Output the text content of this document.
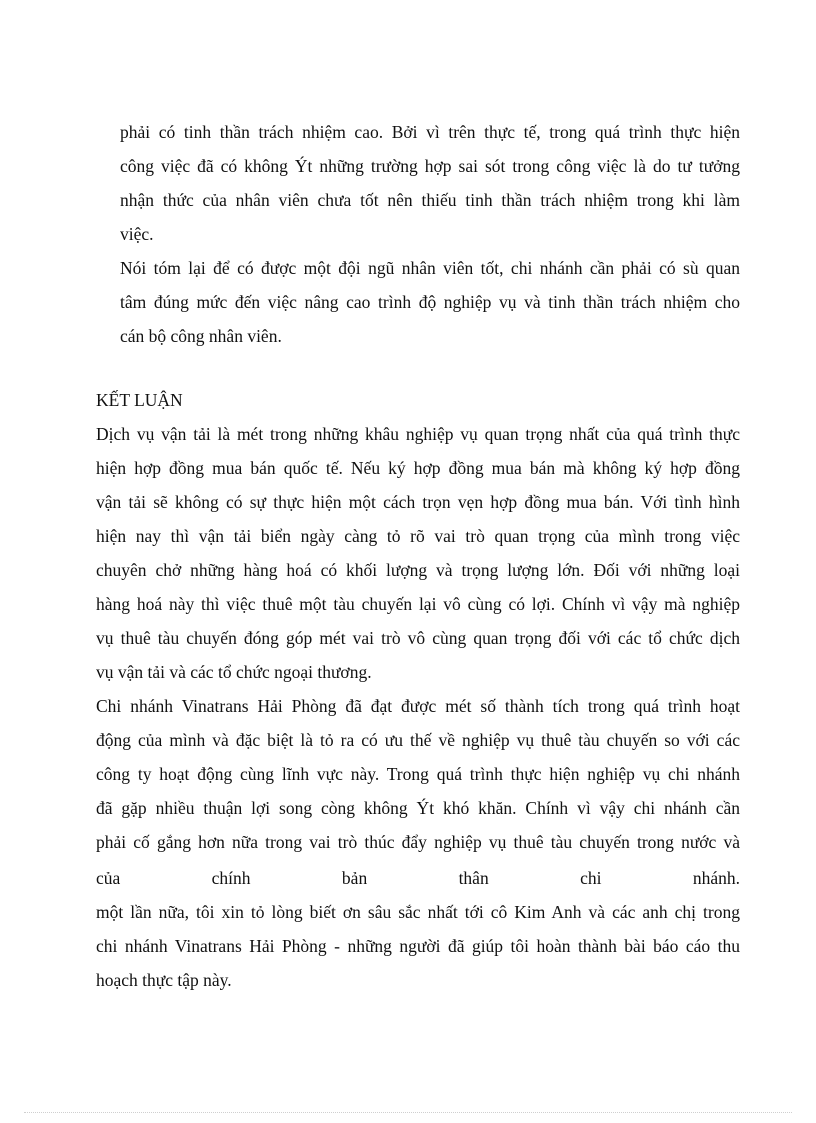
phải có tinh thần trách nhiệm cao. Bởi vì trên thực tế, trong quá trình thực hiện
công việc đã có không Ýt những trường hợp sai sót trong công việc là do tư tưởng
nhận thức của nhân viên chưa tốt nên thiếu tinh thần trách nhiệm trong khi làm
việc.
Nói tóm lại để có được một đội ngũ nhân viên tốt, chi nhánh cần phải có sù quan
tâm đúng mức đến việc nâng cao trình độ nghiệp vụ và tinh thần trách nhiệm cho
cán bộ công nhân viên.
KẾT LUẬN
Dịch vụ vận tải là mét trong những khâu nghiệp vụ quan trọng nhất của quá trình thực
hiện hợp đồng mua bán quốc tế. Nếu ký hợp đồng mua bán mà không ký hợp đồng
vận tải sẽ không có sự thực hiện một cách trọn vẹn hợp đồng mua bán. Với tình hình
hiện nay thì vận tải biển ngày càng tỏ rõ vai trò quan trọng của mình trong việc
chuyên chở những hàng hoá có khối lượng và trọng lượng lớn. Đối với những loại
hàng hoá này thì việc thuê một tàu chuyến lại vô cùng có lợi. Chính vì vậy mà nghiệp
vụ thuê tàu chuyến đóng góp mét vai trò vô cùng quan trọng đối với các tổ chức dịch
vụ vận tải và các tổ chức ngoại thương.
Chi nhánh Vinatrans Hải Phòng đã đạt được mét số thành tích trong quá trình hoạt
động của mình và đặc biệt là tỏ ra có ưu thế về nghiệp vụ thuê tàu chuyến so với các
công ty hoạt động cùng lĩnh vực này. Trong quá trình thực hiện nghiệp vụ chi nhánh
đã gặp nhiều thuận lợi song còng không Ýt khó khăn. Chính vì vậy chi nhánh cần
phải cố gắng hơn nữa trong vai trò thúc đẩy nghiệp vụ thuê tàu chuyến trong nước và
của chính bản thân chi nhánh.
một lần nữa, tôi xin tỏ lòng biết ơn sâu sắc nhất tới cô Kim Anh và các anh chị trong
chi nhánh Vinatrans Hải Phòng - những người đã giúp tôi hoàn thành bài báo cáo thu
hoạch thực tập này.
